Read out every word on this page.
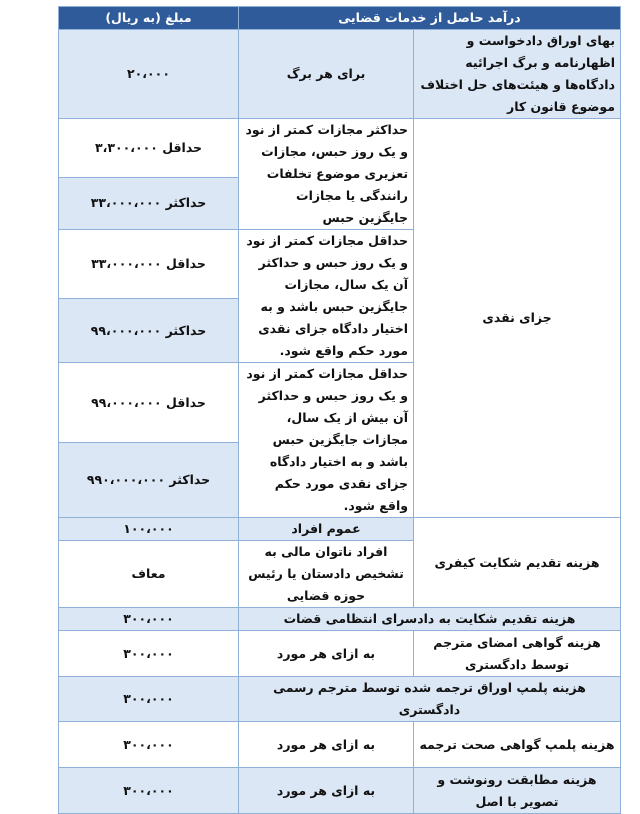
درآمد حاصل از خدمات قضایی		مبلغ (به ریال)
بهای اوراق دادخواست و اظهارنامه و برگ اجرائیه دادگاه‌ها و هیئت‌های حل اختلاف موضوع قانون کار	برای هر برگ	۲۰،۰۰۰
جزای نقدی	حداکثر مجازات کمتر از نود و یک روز حبس، مجازات تعزیری موضوع تخلفات رانندگی یا مجازات جایگزین حبس	حداقل ۳،۳۰۰،۰۰۰
		حداکثر ۳۳،۰۰۰،۰۰۰
	حداقل مجازات کمتر از نود و یک روز حبس و حداکثر آن یک سال، مجازات جایگزین حبس باشد و به اختیار دادگاه جزای نقدی مورد حکم واقع شود.	حداقل ۳۳،۰۰۰،۰۰۰
		حداکثر ۹۹،۰۰۰،۰۰۰
	حداقل مجازات کمتر از نود و یک روز حبس و حداکثر آن بیش از یک سال، مجازات جایگزین حبس باشد و به اختیار دادگاه جزای نقدی مورد حکم واقع شود.	حداقل ۹۹،۰۰۰،۰۰۰
		حداکثر ۹۹۰،۰۰۰،۰۰۰
هزینه تقدیم شکایت کیفری	عموم افراد	۱۰۰،۰۰۰
	افراد ناتوان مالی به تشخیص دادستان یا رئیس حوزه قضایی	معاف
هزینه تقدیم شکایت به دادسرای انتظامی قضات		۳۰۰،۰۰۰
هزینه گواهی امضای مترجم توسط دادگستری	به ازای هر مورد	۳۰۰،۰۰۰
هزینه پلمپ اوراق ترجمه شده توسط مترجم رسمی دادگستری		۳۰۰،۰۰۰
هزینه پلمپ گواهی صحت ترجمه	به ازای هر مورد	۳۰۰،۰۰۰
هزینه مطابقت رونوشت و تصویر با اصل	به ازای هر مورد	۳۰۰،۰۰۰
